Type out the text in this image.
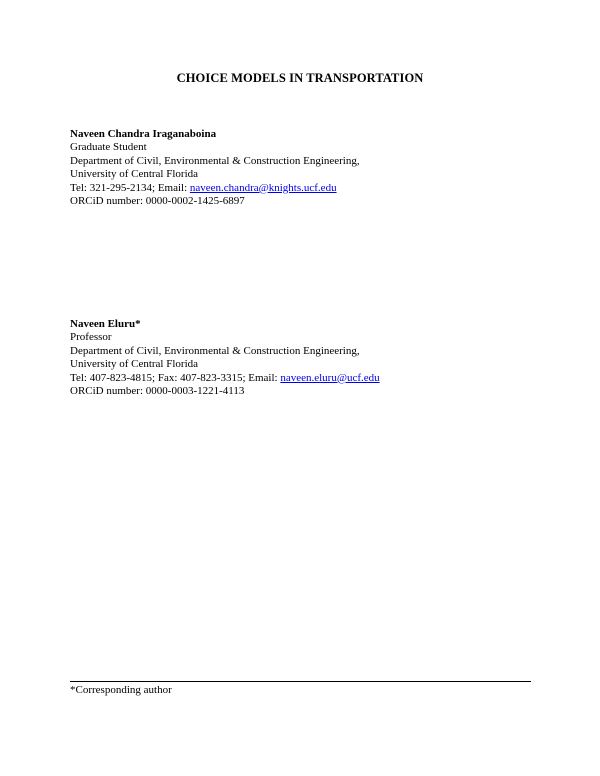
CHOICE MODELS IN TRANSPORTATION
Naveen Chandra Iraganaboina
Graduate Student
Department of Civil, Environmental & Construction Engineering,
University of Central Florida
Tel: 321-295-2134; Email: naveen.chandra@knights.ucf.edu
ORCiD number: 0000-0002-1425-6897
Naveen Eluru*
Professor
Department of Civil, Environmental & Construction Engineering,
University of Central Florida
Tel: 407-823-4815; Fax: 407-823-3315; Email: naveen.eluru@ucf.edu
ORCiD number: 0000-0003-1221-4113
*Corresponding author
